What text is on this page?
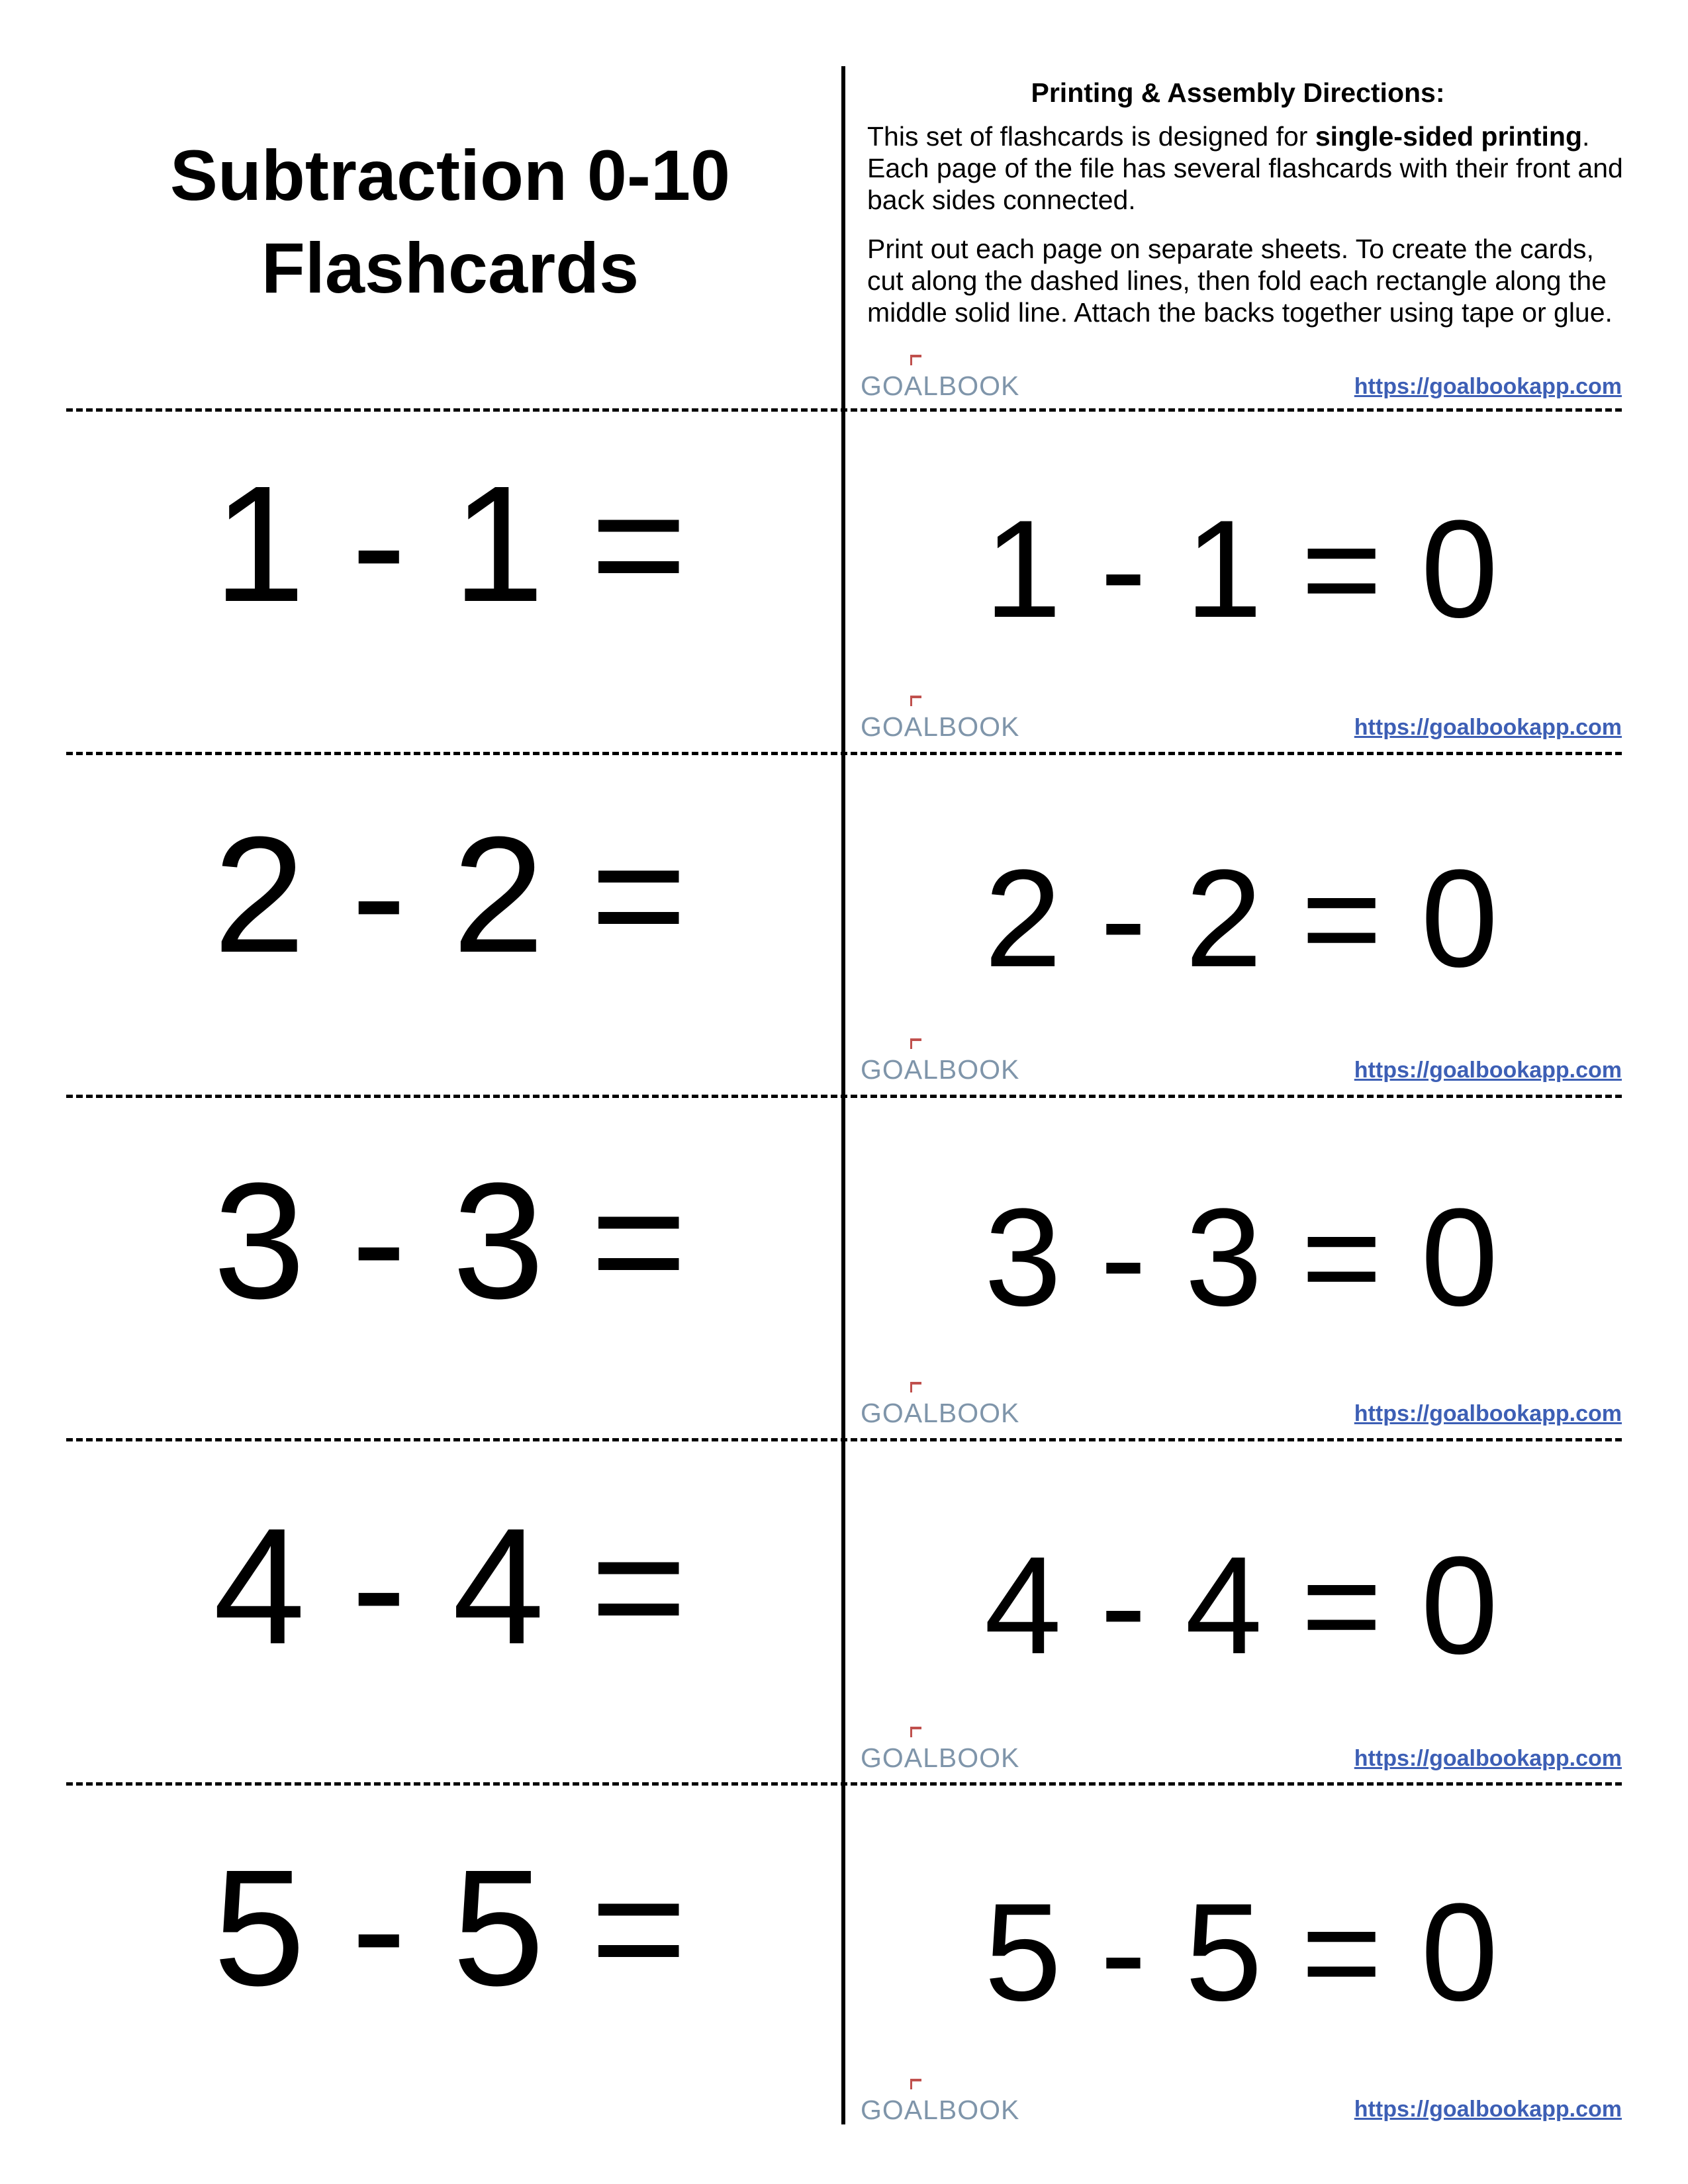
Subtraction 0-10
Flashcards
Printing & Assembly Directions:
This set of flashcards is designed for single-sided printing. Each page of the file has several flashcards with their front and back sides connected.
Print out each page on separate sheets. To create the cards, cut along the dashed lines, then fold each rectangle along the middle solid line. Attach the backs together using tape or glue.
GOALBOOK	https://goalbookapp.com
GOALBOOK	https://goalbookapp.com
GOALBOOK	https://goalbookapp.com
GOALBOOK	https://goalbookapp.com
GOALBOOK	https://goalbookapp.com
GOALBOOK	https://goalbookapp.com
1 - 1 =
2 - 2 =
3 - 3 =
4 - 4 =
5 - 5 =
1 - 1 = 0
2 - 2 = 0
3 - 3 = 0
4 - 4 = 0
5 - 5 = 0
